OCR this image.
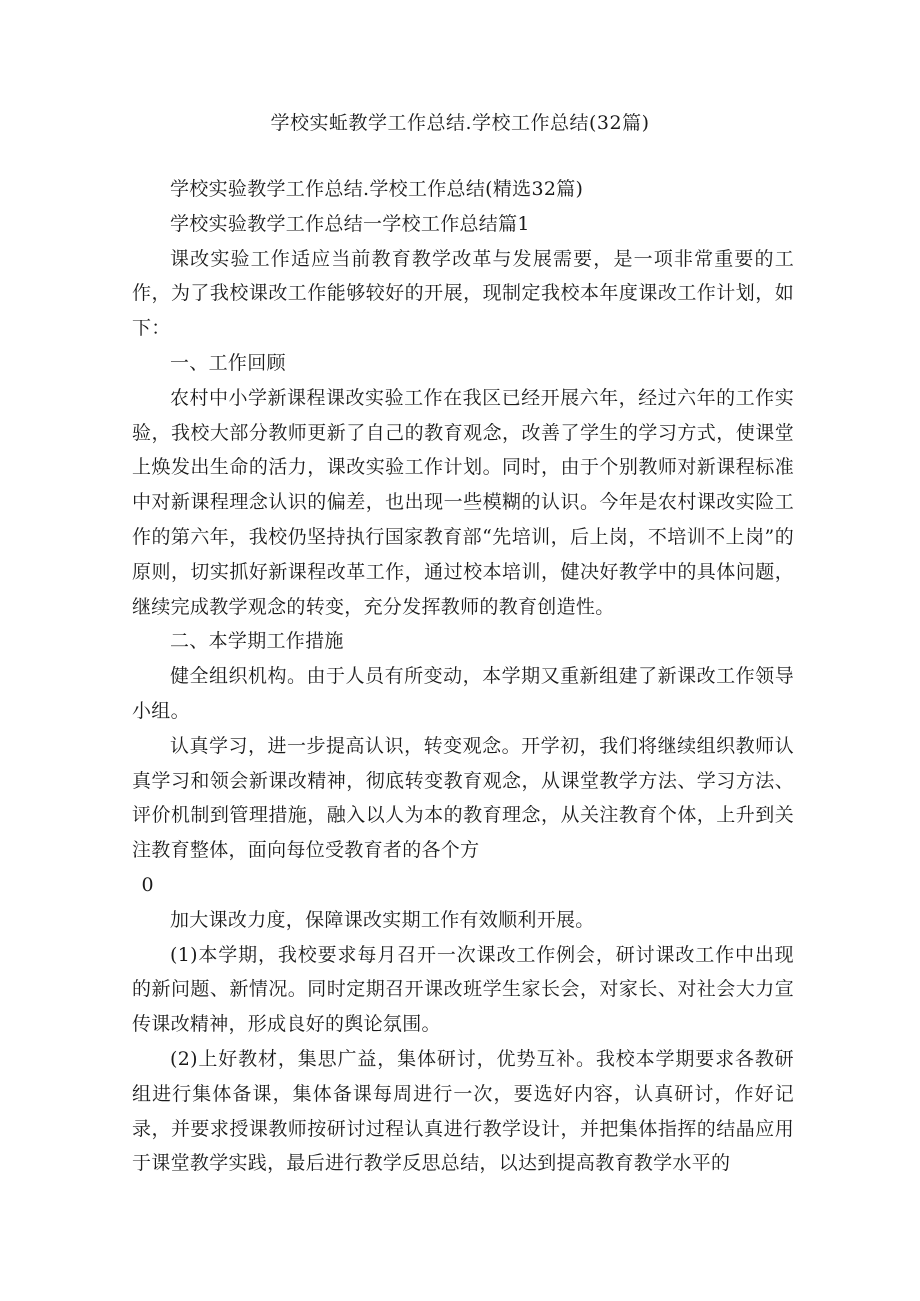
学校实蚯教学工作总结.学校工作总结(32篇)

学校实验教学工作总结.学校工作总结(精选32篇)

学校实验教学工作总结一学校工作总结篇1

课改实验工作适应当前教育教学改革与发展需要，是一项非常重要的工作，为了我校课改工作能够较好的开展，现制定我校本年度课改工作计划，如下：

一、工作回顾

农村中小学新课程课改实验工作在我区已经开展六年，经过六年的工作实验，我校大部分教师更新了自己的教育观念，改善了学生的学习方式，使课堂上焕发出生命的活力，课改实验工作计划。同时，由于个别教师对新课程标准中对新课程理念认识的偏差，也出现一些模糊的认识。今年是农村课改实险工作的第六年，我校仍坚持执行国家教育部“先培训，后上岗，不培训不上岗”的原则，切实抓好新课程改革工作，通过校本培训，健决好教学中的具体问题，继续完成教学观念的转变，充分发挥教师的教育创造性。

二、本学期工作措施

健全组织机构。由于人员有所变动，本学期又重新组建了新课改工作领导小组。

认真学习，进一步提高认识，转变观念。开学初，我们将继续组织教师认真学习和领会新课改精神，彻底转变教育观念，从课堂教学方法、学习方法、评价机制到管理措施，融入以人为本的教育理念，从关注教育个体，上升到关注教育整体，面向每位受教育者的各个方

0

加大课改力度，保障课改实期工作有效顺利开展。

(1)本学期，我校要求每月召开一次课改工作例会，研讨课改工作中出现的新问题、新情况。同时定期召开课改班学生家长会，对家长、对社会大力宣传课改精神，形成良好的舆论氛围。

(2)上好教材，集思广益，集体研讨，优势互补。我校本学期要求各教研组进行集体备课，集体备课每周进行一次，要选好内容，认真研讨，作好记录，并要求授课教师按研讨过程认真进行教学设计，并把集体指挥的结晶应用于课堂教学实践，最后进行教学反思总结，以达到提高教育教学水平的
